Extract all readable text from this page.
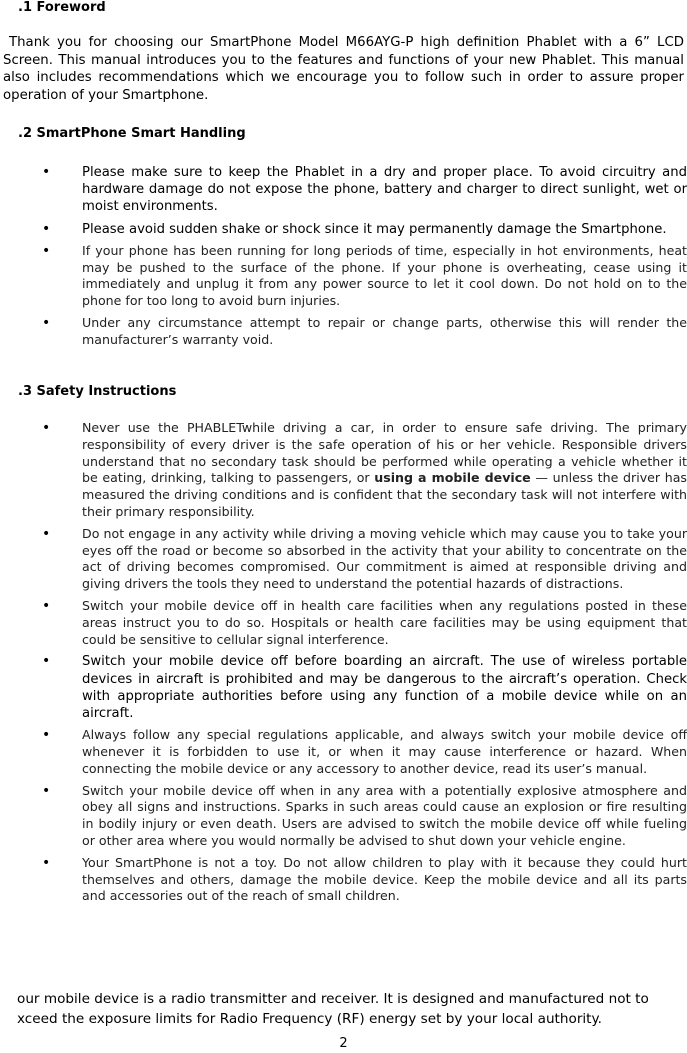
.1 Foreword
Thank you for choosing our SmartPhone Model M66AYG-P high definition Phablet with a 6” LCD Screen. This manual introduces you to the features and functions of your new Phablet. This manual also includes recommendations which we encourage you to follow such in order to assure proper operation of your Smartphone.
.2 SmartPhone Smart Handling
• Please make sure to keep the Phablet in a dry and proper place. To avoid circuitry and hardware damage do not expose the phone, battery and charger to direct sunlight, wet or moist environments.
• Please avoid sudden shake or shock since it may permanently damage the Smartphone.
•	If your phone has been running for long periods of time, especially in hot environments, heat may be pushed to the surface of the phone. If your phone is overheating, cease using it immediately and unplug it from any power source to let it cool down. Do not hold on to the phone for too long to avoid burn injuries.
•	Under any circumstance attempt to repair or change parts, otherwise this will render the manufacturer’s warranty void.
.3 Safety Instructions
•	Never use the PHABLETwhile driving a car, in order to ensure safe driving. The primary responsibility of every driver is the safe operation of his or her vehicle. Responsible drivers understand that no secondary task should be performed while operating a vehicle whether it be eating, drinking, talking to passengers, or using a mobile device — unless the driver has measured the driving conditions and is confident that the secondary task will not interfere with their primary responsibility.
•	Do not engage in any activity while driving a moving vehicle which may cause you to take your eyes off the road or become so absorbed in the activity that your ability to concentrate on the act of driving becomes compromised. Our commitment is aimed at responsible driving and giving drivers the tools they need to understand the potential hazards of distractions.
•	Switch your mobile device off in health care facilities when any regulations posted in these areas instruct you to do so. Hospitals or health care facilities may be using equipment that could be sensitive to cellular signal interference.
• Switch your mobile device off before boarding an aircraft. The use of wireless portable devices in aircraft is prohibited and may be dangerous to the aircraft’s operation. Check with appropriate authorities before using any function of a mobile device while on an aircraft.
•	Always follow any special regulations applicable, and always switch your mobile device off whenever it is forbidden to use it, or when it may cause interference or hazard. When connecting the mobile device or any accessory to another device, read its user’s manual.
•	Switch your mobile device off when in any area with a potentially explosive atmosphere and obey all signs and instructions. Sparks in such areas could cause an explosion or fire resulting in bodily injury or even death. Users are advised to switch the mobile device off while fueling or other area where you would normally be advised to shut down your vehicle engine.
•	Your SmartPhone is not a toy. Do not allow children to play with it because they could hurt themselves and others, damage the mobile device. Keep the mobile device and all its parts and accessories out of the reach of small children.
our mobile device is a radio transmitter and receiver. It is designed and manufactured not to
xceed the exposure limits for Radio Frequency (RF) energy set by your local authority.
2
